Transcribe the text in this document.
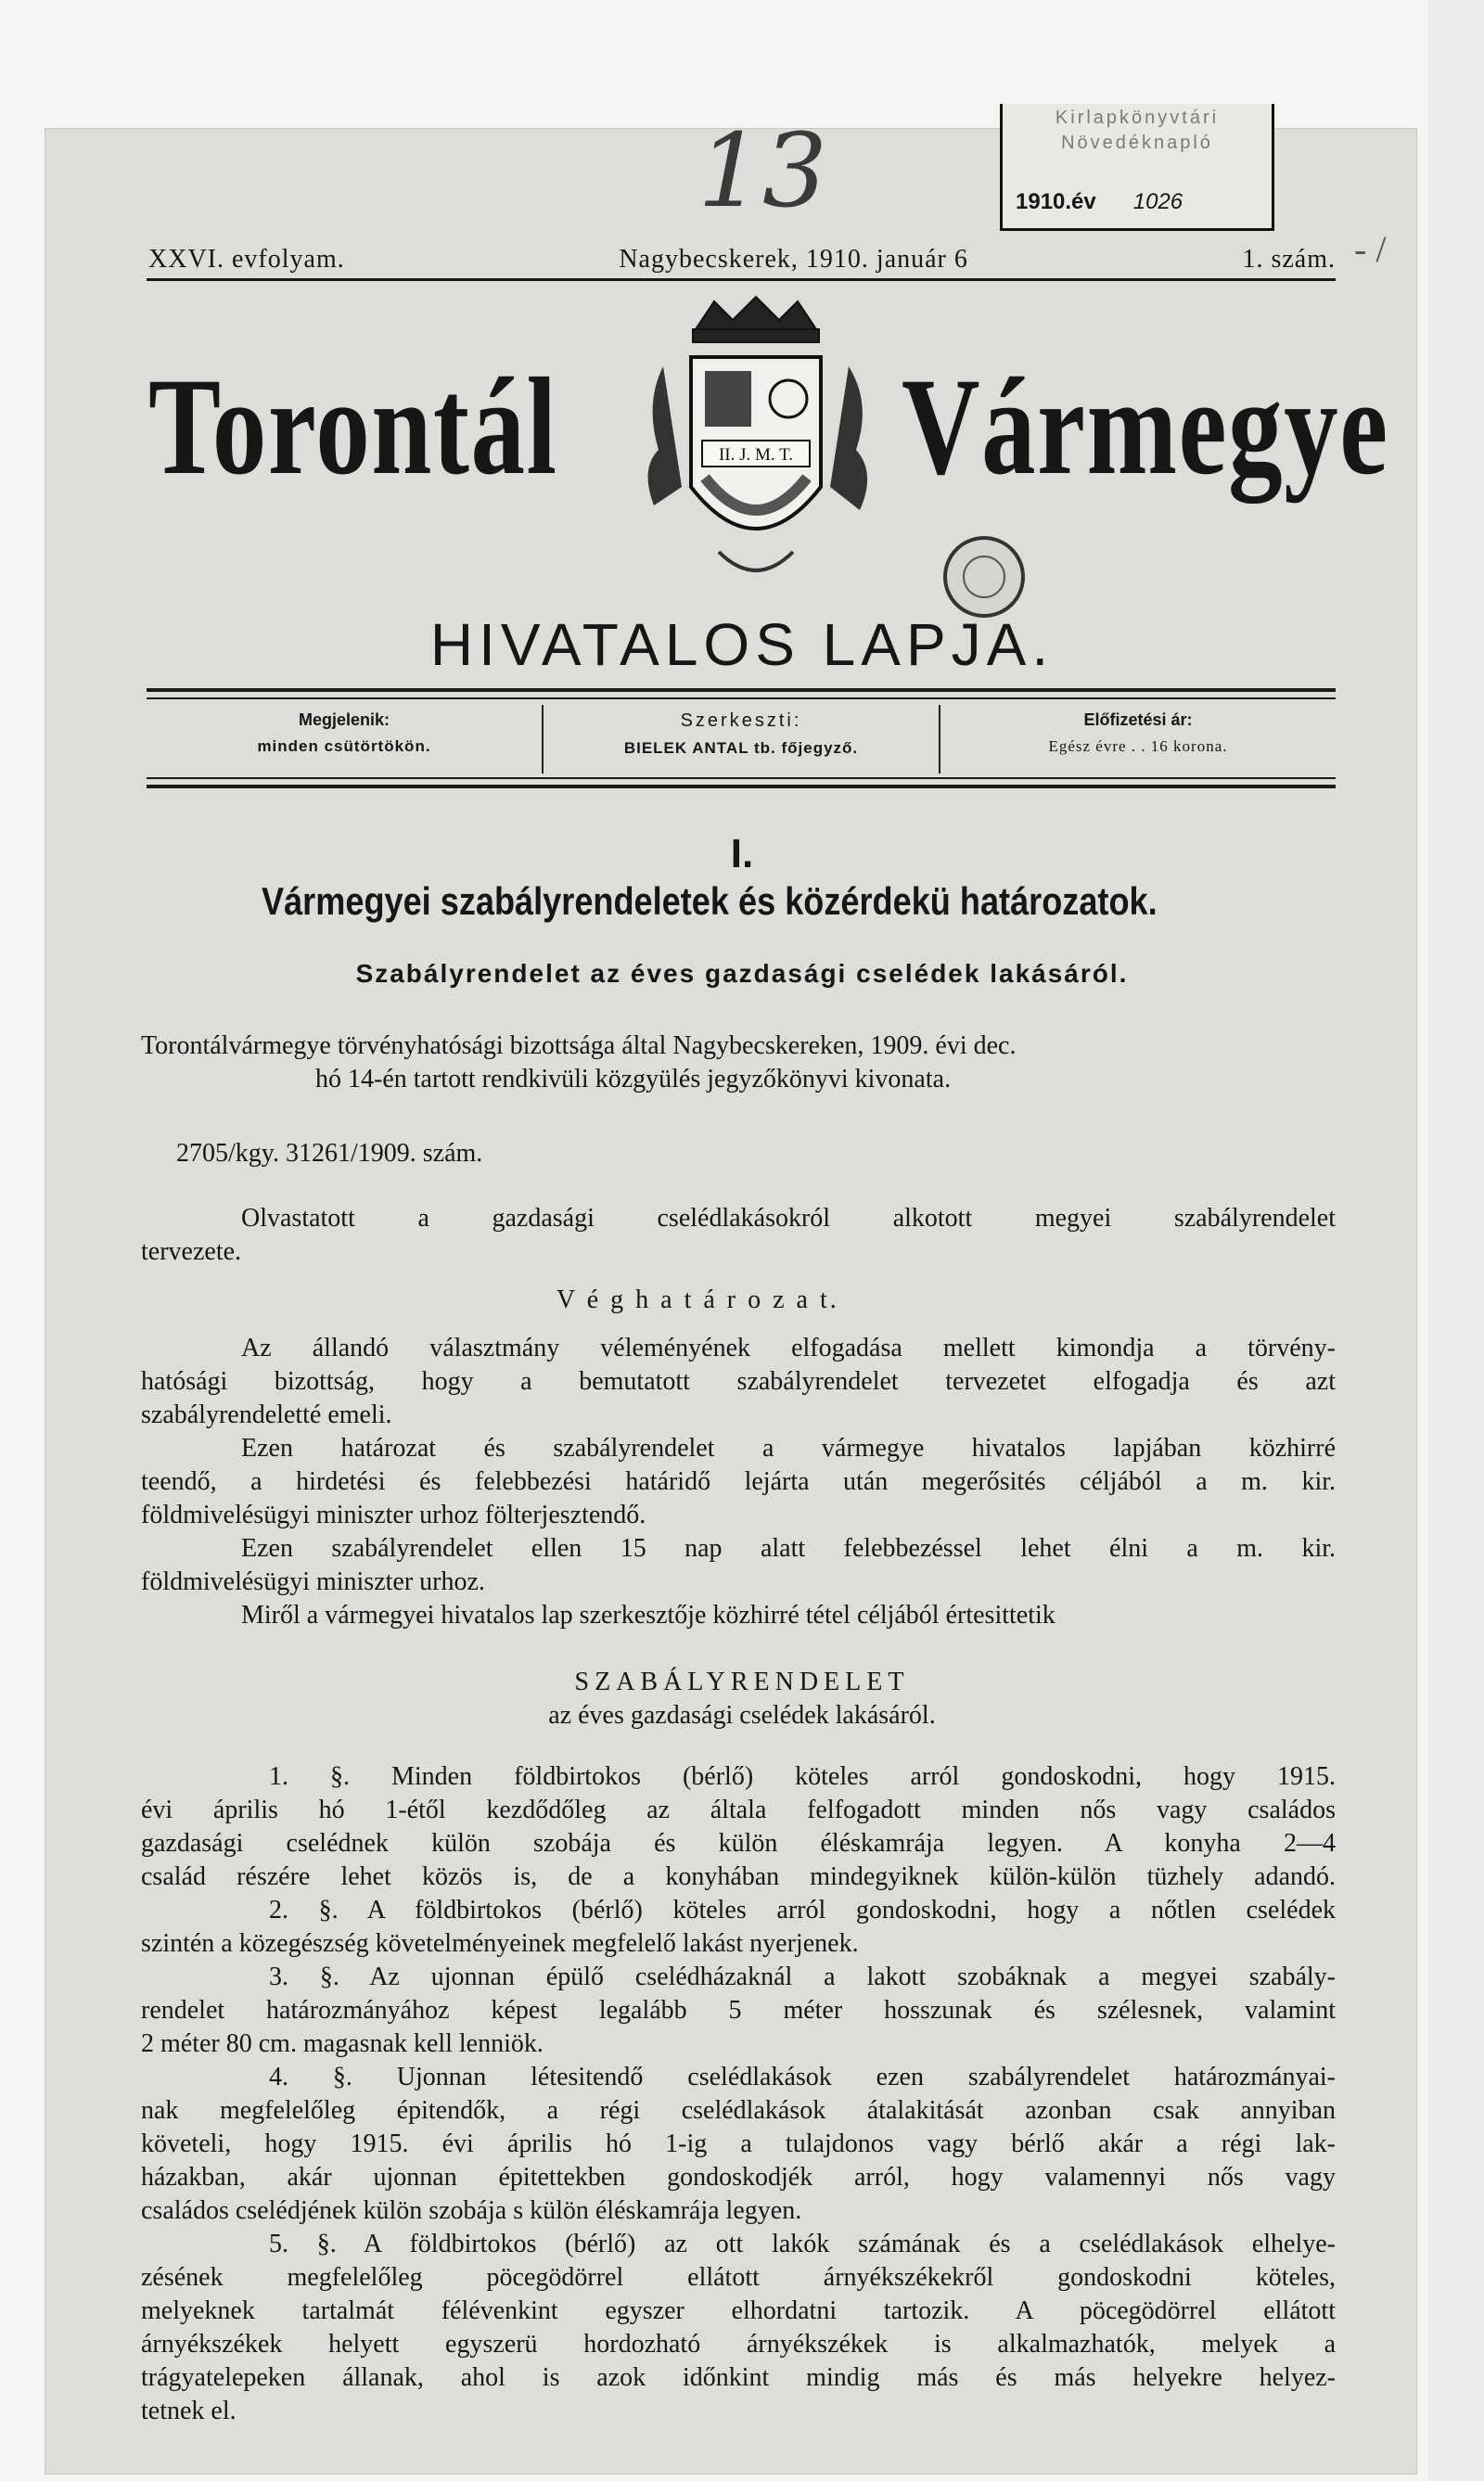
Kirlapkönyvtári
Növedéknapló
1910.év 1026
13
- /
XXVI. evfolyam.	Nagybecskerek, 1910. január 6	1. szám.
Torontál Vármegye
II. J. M. T.
HIVATALOS LAPJA.
Megjelenik:
minden csütörtökön.
Szerkeszti:
BIELEK ANTAL tb. főjegyző.
Előfizetési ár:
Egész évre . . 16 korona.
I.
Vármegyei szabályrendeletek és közérdekü határozatok.
Szabályrendelet az éves gazdasági cselédek lakásáról.
Torontálvármegye törvényhatósági bizottsága által Nagybecskereken, 1909. évi dec.
hó 14-én tartott rendkivüli közgyülés jegyzőkönyvi kivonata.
2705/kgy. 31261/1909. szám.
Olvastatott a gazdasági cselédlakásokról alkotott megyei szabályrendelet
tervezete.
V é g h a t á r o z a t.
Az állandó választmány véleményének elfogadása mellett kimondja a törvény-
hatósági bizottság, hogy a bemutatott szabályrendelet tervezetet elfogadja és azt
szabályrendeletté emeli.
Ezen határozat és szabályrendelet a vármegye hivatalos lapjában közhirré
teendő, a hirdetési és felebbezési határidő lejárta után megerősités céljából a m. kir.
földmivelésügyi miniszter urhoz fölterjesztendő.
Ezen szabályrendelet ellen 15 nap alatt felebbezéssel lehet élni a m. kir.
földmivelésügyi miniszter urhoz.
Miről a vármegyei hivatalos lap szerkesztője közhirré tétel céljából értesittetik
SZABÁLYRENDELET
az éves gazdasági cselédek lakásáról.
1. §. Minden földbirtokos (bérlő) köteles arról gondoskodni, hogy 1915.
évi április hó 1-étől kezdődőleg az általa felfogadott minden nős vagy családos
gazdasági cselédnek külön szobája és külön éléskamrája legyen. A konyha 2—4
család részére lehet közös is, de a konyhában mindegyiknek külön-külön tüzhely adandó.
2. §. A földbirtokos (bérlő) köteles arról gondoskodni, hogy a nőtlen cselédek
szintén a közegészség követelményeinek megfelelő lakást nyerjenek.
3. §. Az ujonnan épülő cselédházaknál a lakott szobáknak a megyei szabály-
rendelet határozmányához képest legalább 5 méter hosszunak és szélesnek, valamint
2 méter 80 cm. magasnak kell lenniök.
4. §. Ujonnan létesitendő cselédlakások ezen szabályrendelet határozmányai-
nak megfelelőleg épitendők, a régi cselédlakások átalakitását azonban csak annyiban
követeli, hogy 1915. évi április hó 1-ig a tulajdonos vagy bérlő akár a régi lak-
házakban, akár ujonnan épitettekben gondoskodjék arról, hogy valamennyi nős vagy
családos cselédjének külön szobája s külön éléskamrája legyen.
5. §. A földbirtokos (bérlő) az ott lakók számának és a cselédlakások elhelye-
zésének megfelelőleg pöcegödörrel ellátott árnyékszékekről gondoskodni köteles,
melyeknek tartalmát félévenkint egyszer elhordatni tartozik. A pöcegödörrel ellátott
árnyékszékek helyett egyszerü hordozható árnyékszékek is alkalmazhatók, melyek a
trágyatelepeken állanak, ahol is azok időnkint mindig más és más helyekre helyez-
tetnek el.
